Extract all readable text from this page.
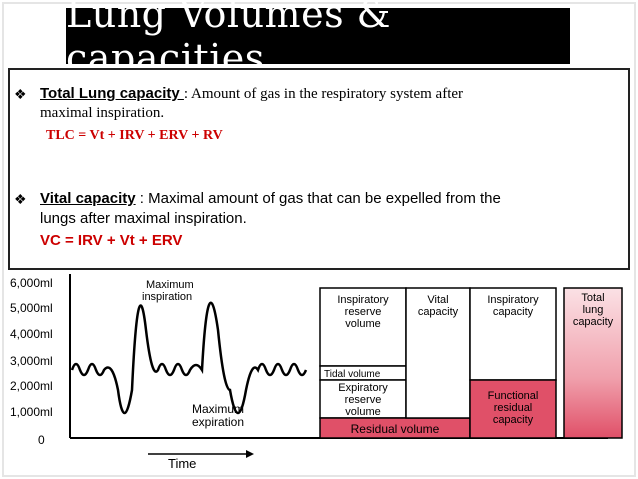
Lung Volumes & capacities
❖ Total Lung capacity : Amount of gas in the respiratory system after
maximal inspiration.
TLC = Vt + IRV + ERV + RV
❖ Vital capacity : Maximal amount of gas that can be expelled from the
lungs after maximal inspiration.
VC = IRV + Vt + ERV
6,000ml
5,000ml
4,000ml
3,000ml
2,000ml
1,000ml
0
Maximum
inspiration
Maximum
expiration
Time
Inspiratory
reserve
volume
Tidal volume
Expiratory
reserve
volume
Residual volume
Vital
capacity
Inspiratory
capacity
Functional
residual
capacity
Total
lung
capacity
